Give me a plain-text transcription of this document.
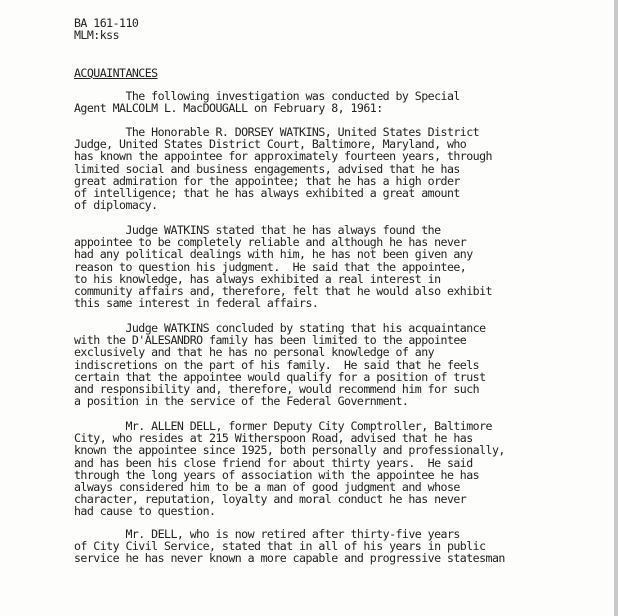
BA 161-110
MLM:kss
ACQUAINTANCES
The following investigation was conducted by Special
Agent MALCOLM L. MacDOUGALL on February 8, 1961:
The Honorable R. DORSEY WATKINS, United States District
Judge, United States District Court, Baltimore, Maryland, who
has known the appointee for approximately fourteen years, through
limited social and business engagements, advised that he has
great admiration for the appointee; that he has a high order
of intelligence; that he has always exhibited a great amount
of diplomacy.
Judge WATKINS stated that he has always found the
appointee to be completely reliable and although he has never
had any political dealings with him, he has not been given any
reason to question his judgment.  He said that the appointee,
to his knowledge, has always exhibited a real interest in
community affairs and, therefore, felt that he would also exhibit
this same interest in federal affairs.
Judge WATKINS concluded by stating that his acquaintance
with the D'ALESANDRO family has been limited to the appointee
exclusively and that he has no personal knowledge of any
indiscretions on the part of his family.  He said that he feels
certain that the appointee would qualify for a position of trust
and responsibility and, therefore, would recommend him for such
a position in the service of the Federal Government.
Mr. ALLEN DELL, former Deputy City Comptroller, Baltimore
City, who resides at 215 Witherspoon Road, advised that he has
known the appointee since 1925, both personally and professionally,
and has been his close friend for about thirty years.  He said
through the long years of association with the appointee he has
always considered him to be a man of good judgment and whose
character, reputation, loyalty and moral conduct he has never
had cause to question.
Mr. DELL, who is now retired after thirty-five years
of City Civil Service, stated that in all of his years in public
service he has never known a more capable and progressive statesman
